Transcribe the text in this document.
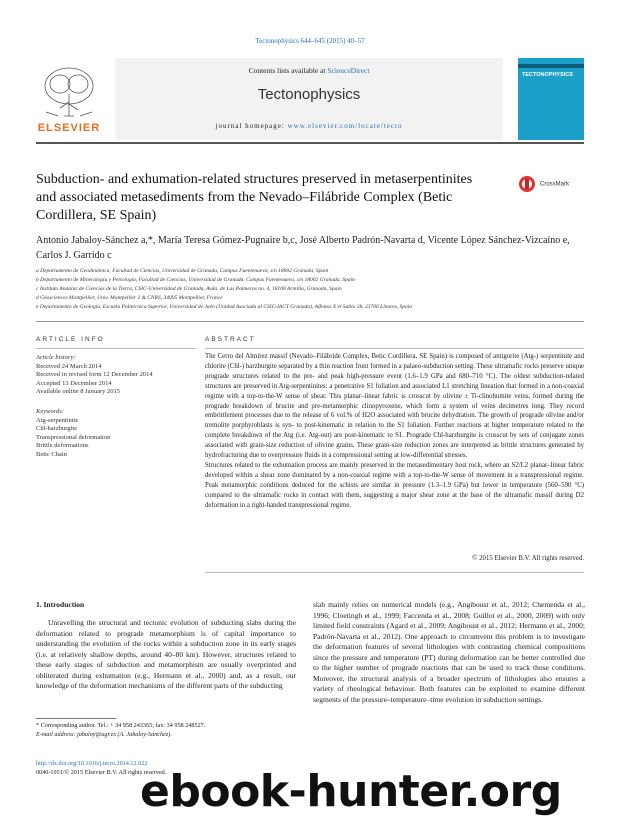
Tectonophysics 644–645 (2015) 40–57
ELSEVIER
Contents lists available at ScienceDirect
Tectonophysics
journal homepage: www.elsevier.com/locate/tecto
TECTONOPHYSICS
Subduction- and exhumation-related structures preserved in metaserpentinites and associated metasediments from the Nevado–Filábride Complex (Betic Cordillera, SE Spain)
CrossMark
Antonio Jabaloy-Sánchez a,*, María Teresa Gómez-Pugnaire b,c, José Alberto Padrón-Navarta d, Vicente López Sánchez-Vizcaíno e, Carlos J. Garrido c
a Departamento de Geodinámica, Facultad de Ciencias, Universidad de Granada, Campus Fuentenueva, s/n 18002 Granada, Spain
b Departamento de Mineralogía y Petrología, Facultad de Ciencias, Universidad de Granada, Campus Fuentenueva, s/n 18002 Granada, Spain
c Instituto Andaluz de Ciencias de la Tierra, CSIC-Universidad de Granada, Avda. de Las Palmeras no. 4, 18100 Armilla, Granada, Spain
d Géosciences Montpellier, Univ. Montpellier 2 & CNRS, 34095 Montpellier, France
e Departamento de Geología, Escuela Politécnica Superior, Universidad de Jaén (Unidad Asociada al CSIC-IACT Granada), Alfonso X el Sabio 28, 23700 Linares, Spain
ARTICLE INFO
Article history:
Received 24 March 2014
Received in revised form 12 December 2014
Accepted 13 December 2014
Available online 8 January 2015
Keywords:
Atg-serpentinite
Chl-harzburgite
Transpressional deformation
Brittle deformations
Betic Chain
ABSTRACT

The Cerro del Almirez massif (Nevado–Filábride Complex, Betic Cordillera, SE Spain) is composed of antigorite (Atg-) serpentinite and chlorite (Chl-) harzburgite separated by a thin reaction front formed in a palaeo-subduction setting. These ultramafic rocks preserve unique prograde structures related to the pre- and peak high-pressure event (1.6–1.9 GPa and 680–710 °C). The oldest subduction-related structures are preserved in Atg-serpentinites: a penetrative S1 foliation and associated L1 stretching lineation that formed in a non-coaxial regime with a top-to-the-W sense of shear. This planar–linear fabric is crosscut by olivine ± Ti-clinohumite veins, formed during the prograde breakdown of brucite and pre-metamorphic clinopyroxene, which form a system of veins decimetres long. They record embrittlement processes due to the release of 6 vol.% of H2O associated with brucite dehydration. The growth of prograde olivine and/or tremolite porphyroblasts is syn- to post-kinematic in relation to the S1 foliation. Further reactions at higher temperature related to the complete breakdown of the Atg (i.e. Atg-out) are post-kinematic to S1. Prograde Chl-harzburgite is crosscut by sets of conjugate zones associated with grain-size reduction of olivine grains. These grain-size reduction zones are interpreted as brittle structures generated by hydrofracturing due to overpressure fluids in a compressional setting at low-differential stresses.

Structures related to the exhumation process are mainly preserved in the metasedimentary host rock, where an S2/L2 planar–linear fabric developed within a shear zone dominated by a non-coaxial regime with a top-to-the-W sense of movement in a transpressional regime. Peak metamorphic conditions deduced for the schists are similar in pressure (1.3–1.9 GPa) but lower in temperature (560–590 °C) compared to the ultramafic rocks in contact with them, suggesting a major shear zone at the base of the ultramafic massif during D2 deformation in a right-handed transpressional regime.

© 2015 Elsevier B.V. All rights reserved.
1. Introduction

Unravelling the structural and tectonic evolution of subducting slabs during the deformation related to prograde metamorphism is of capital importance to understanding the evolution of the rocks within a subduction zone in its early stages (i.e. at relatively shallow depths, around 40–80 km). However, structures related to these early stages of subduction and metamorphism are usually overprinted and obliterated during exhumation (e.g., Hermann et al., 2000) and, as a result, our knowledge of the deformation mechanisms of the different parts of the subducting

slab mainly relies on numerical models (e.g., Angiboust et al., 2012; Chemenda et al., 1996; Cloetingh et al., 1999; Faccenda et al., 2008; Guillot et al., 2000, 2009) with only limited field constraints (Agard et al., 2009; Angiboust et al., 2012; Hermann et al., 2000; Padrón-Navarta et al., 2012). One approach to circumvent this problem is to investigate the deformation features of several lithologies with contrasting chemical compositions since the pressure and temperature (PT) during deformation can be better controlled due to the higher number of prograde reactions that can be used to track those conditions. Moreover, the structural analysis of a broader spectrum of lithologies also ensures a variety of rheological behaviour. Both features can be exploited to examine different segments of the pressure–temperature–time evolution in subduction settings.

* Corresponding author. Tel.: + 34 958 243365; fax: 34 958 248527.
E-mail address: jabaloy@ugr.es (A. Jabaloy-Sánchez).
http://dx.doi.org/10.1016/j.tecto.2014.12.022
0040-1951/© 2015 Elsevier B.V. All rights reserved.
ebook-hunter.org
